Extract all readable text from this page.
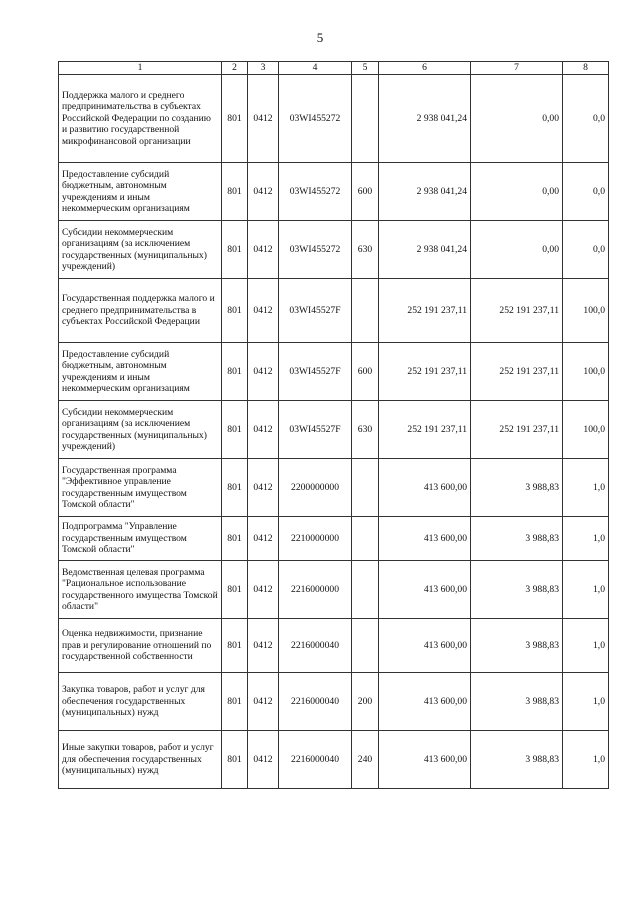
5
1	2	3	4	5	6	7	8
Поддержка малого и среднего предпринимательства в субъектах Российской Федерации по созданию и развитию государственной микрофинансовой организации	801	0412	03WI455272		2 938 041,24	0,00	0,0
Предоставление субсидий бюджетным, автономным учреждениям и иным некоммерческим организациям	801	0412	03WI455272	600	2 938 041,24	0,00	0,0
Субсидии некоммерческим организациям (за исключением государственных (муниципальных) учреждений)	801	0412	03WI455272	630	2 938 041,24	0,00	0,0
Государственная поддержка малого и среднего предпринимательства в субъектах Российской Федерации	801	0412	03WI45527F		252 191 237,11	252 191 237,11	100,0
Предоставление субсидий бюджетным, автономным учреждениям и иным некоммерческим организациям	801	0412	03WI45527F	600	252 191 237,11	252 191 237,11	100,0
Субсидии некоммерческим организациям (за исключением государственных (муниципальных) учреждений)	801	0412	03WI45527F	630	252 191 237,11	252 191 237,11	100,0
Государственная программа "Эффективное управление государственным имуществом Томской области"	801	0412	2200000000		413 600,00	3 988,83	1,0
Подпрограмма "Управление государственным имуществом Томской области"	801	0412	2210000000		413 600,00	3 988,83	1,0
Ведомственная целевая программа "Рациональное использование государственного имущества Томской области"	801	0412	2216000000		413 600,00	3 988,83	1,0
Оценка недвижимости, признание прав и регулирование отношений по государственной собственности	801	0412	2216000040		413 600,00	3 988,83	1,0
Закупка товаров, работ и услуг для обеспечения государственных (муниципальных) нужд	801	0412	2216000040	200	413 600,00	3 988,83	1,0
Иные закупки товаров, работ и услуг для обеспечения государственных (муниципальных) нужд	801	0412	2216000040	240	413 600,00	3 988,83	1,0
